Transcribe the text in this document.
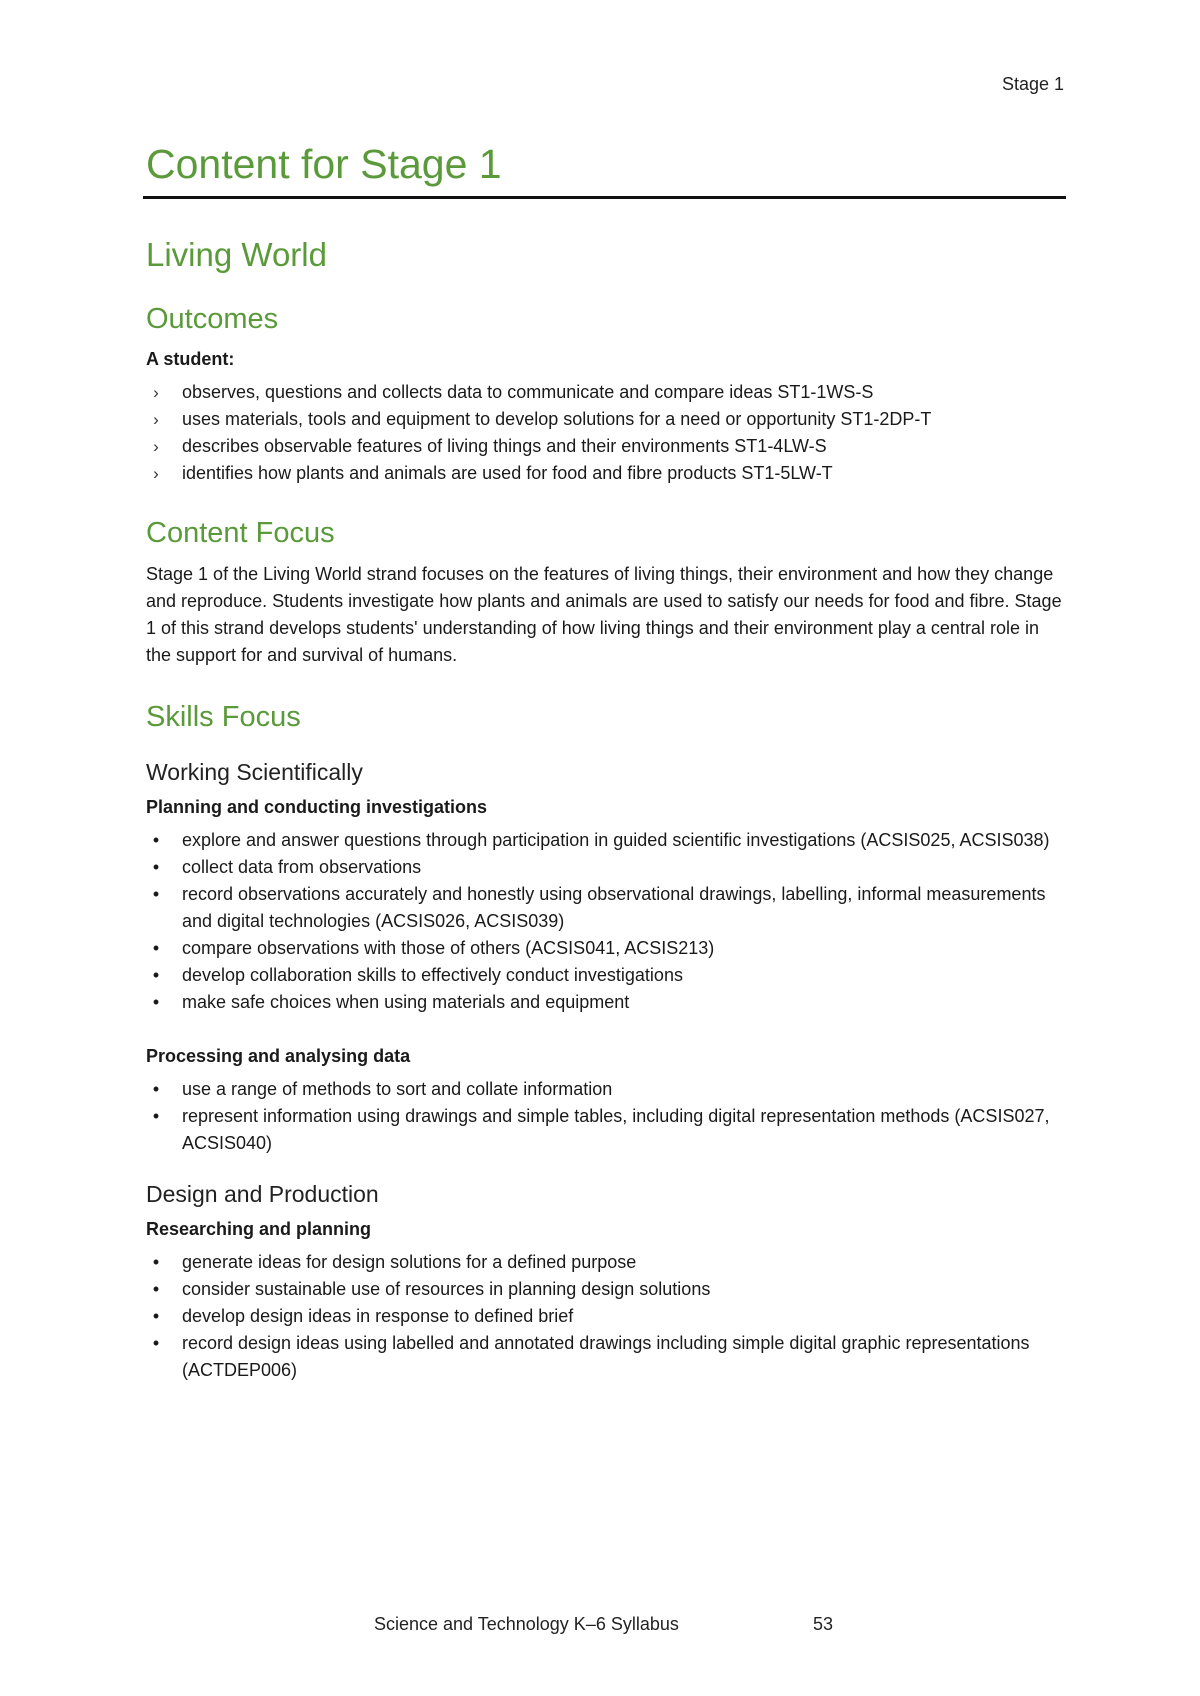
Stage 1
Content for Stage 1
Living World
Outcomes
A student:
›	observes, questions and collects data to communicate and compare ideas ST1-1WS-S
›	uses materials, tools and equipment to develop solutions for a need or opportunity ST1-2DP-T
›	describes observable features of living things and their environments ST1-4LW-S
›	identifies how plants and animals are used for food and fibre products ST1-5LW-T
Content Focus

Stage 1 of the Living World strand focuses on the features of living things, their environment and how they change and reproduce. Students investigate how plants and animals are used to satisfy our needs for food and fibre. Stage 1 of this strand develops students' understanding of how living things and their environment play a central role in the support for and survival of humans.

Skills Focus
Working Scientifically
Planning and conducting investigations
•	explore and answer questions through participation in guided scientific investigations (ACSIS025, ACSIS038)
•	collect data from observations
•	record observations accurately and honestly using observational drawings, labelling, informal measurements and digital technologies (ACSIS026, ACSIS039)
•	compare observations with those of others (ACSIS041, ACSIS213)
•	develop collaboration skills to effectively conduct investigations
•	make safe choices when using materials and equipment
Processing and analysing data
•	use a range of methods to sort and collate information
•	represent information using drawings and simple tables, including digital representation methods (ACSIS027, ACSIS040)
Design and Production
Researching and planning
•	generate ideas for design solutions for a defined purpose
•	consider sustainable use of resources in planning design solutions
•	develop design ideas in response to defined brief
•	record design ideas using labelled and annotated drawings including simple digital graphic representations (ACTDEP006)
Science and Technology K–6 Syllabus	53
